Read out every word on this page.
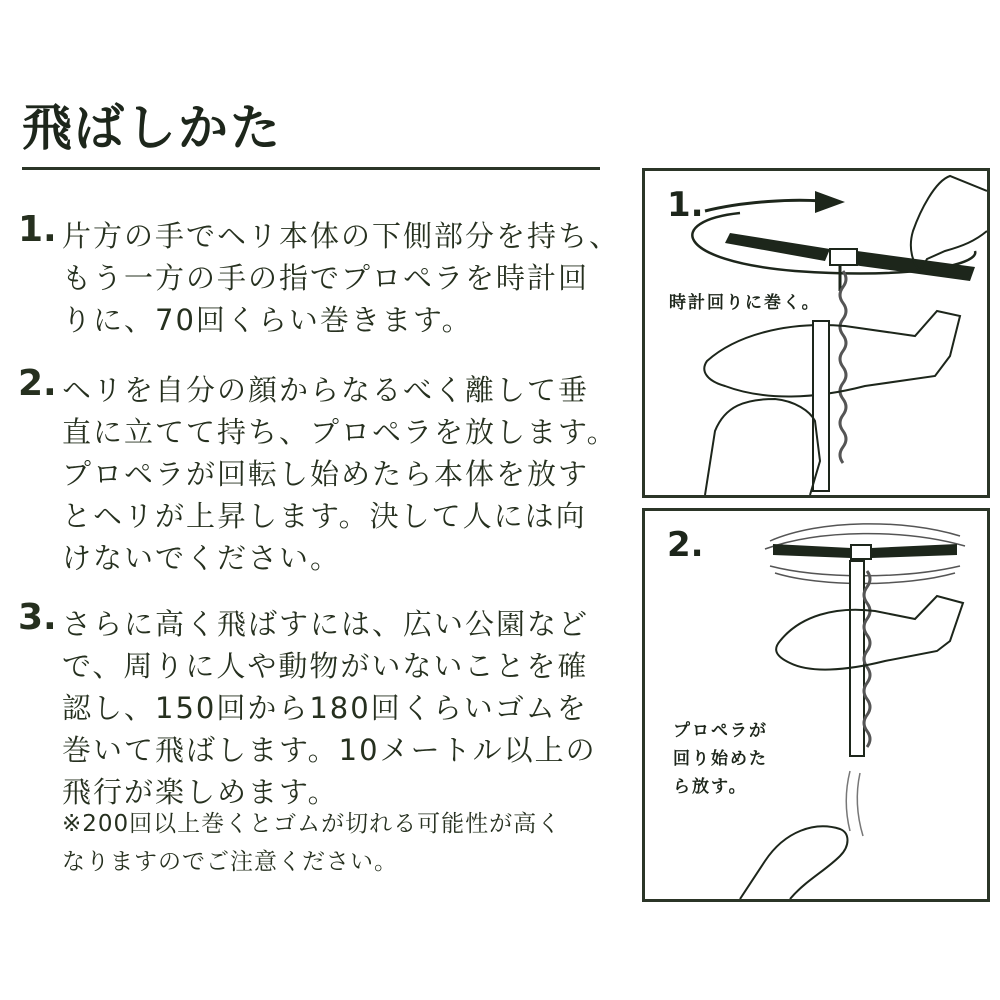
飛ばしかた
1. 片方の手でヘリ本体の下側部分を持ち、
もう一方の手の指でプロペラを時計回
りに、70回くらい巻きます。
2. ヘリを自分の顔からなるべく離して垂
直に立てて持ち、プロペラを放します。
プロペラが回転し始めたら本体を放す
とヘリが上昇します。決して人には向
けないでください。
3. さらに高く飛ばすには、広い公園など
で、周りに人や動物がいないことを確
認し、150回から180回くらいゴムを
巻いて飛ばします。10メートル以上の
飛行が楽しめます。
※200回以上巻くとゴムが切れる可能性が高く
なりますのでご注意ください。
1.
時計回りに巻く。
2.
プロペラが
回り始めた
ら放す。
